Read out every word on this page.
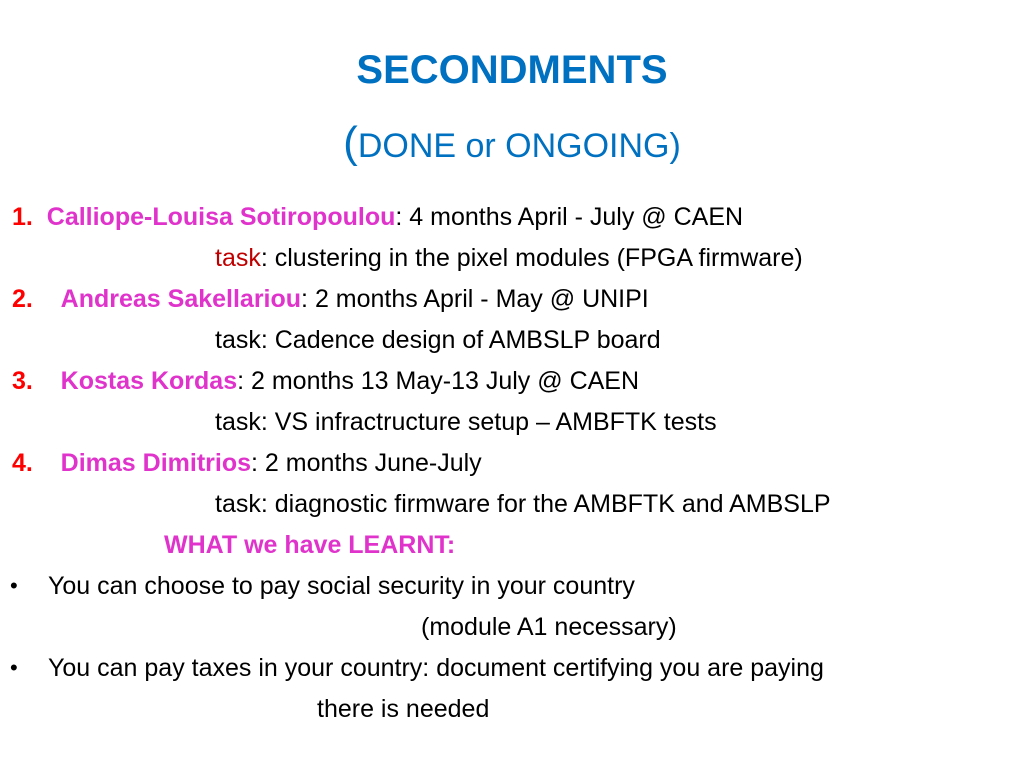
SECONDMENTS
(DONE or ONGOING)
1. Calliope-Louisa Sotiropoulou: 4 months April - July @ CAEN
task: clustering in the pixel modules (FPGA firmware)
2. Andreas Sakellariou: 2 months April - May @ UNIPI
task: Cadence design of AMBSLP board
3. Kostas Kordas: 2 months 13 May-13 July @ CAEN
task: VS infractructure setup – AMBFTK tests
4. Dimas Dimitrios: 2 months June-July
task: diagnostic firmware for the AMBFTK and AMBSLP
WHAT we have LEARNT:
• You can choose to pay social security in your country
(module A1 necessary)
• You can pay taxes in your country: document certifying you are paying
there is needed
